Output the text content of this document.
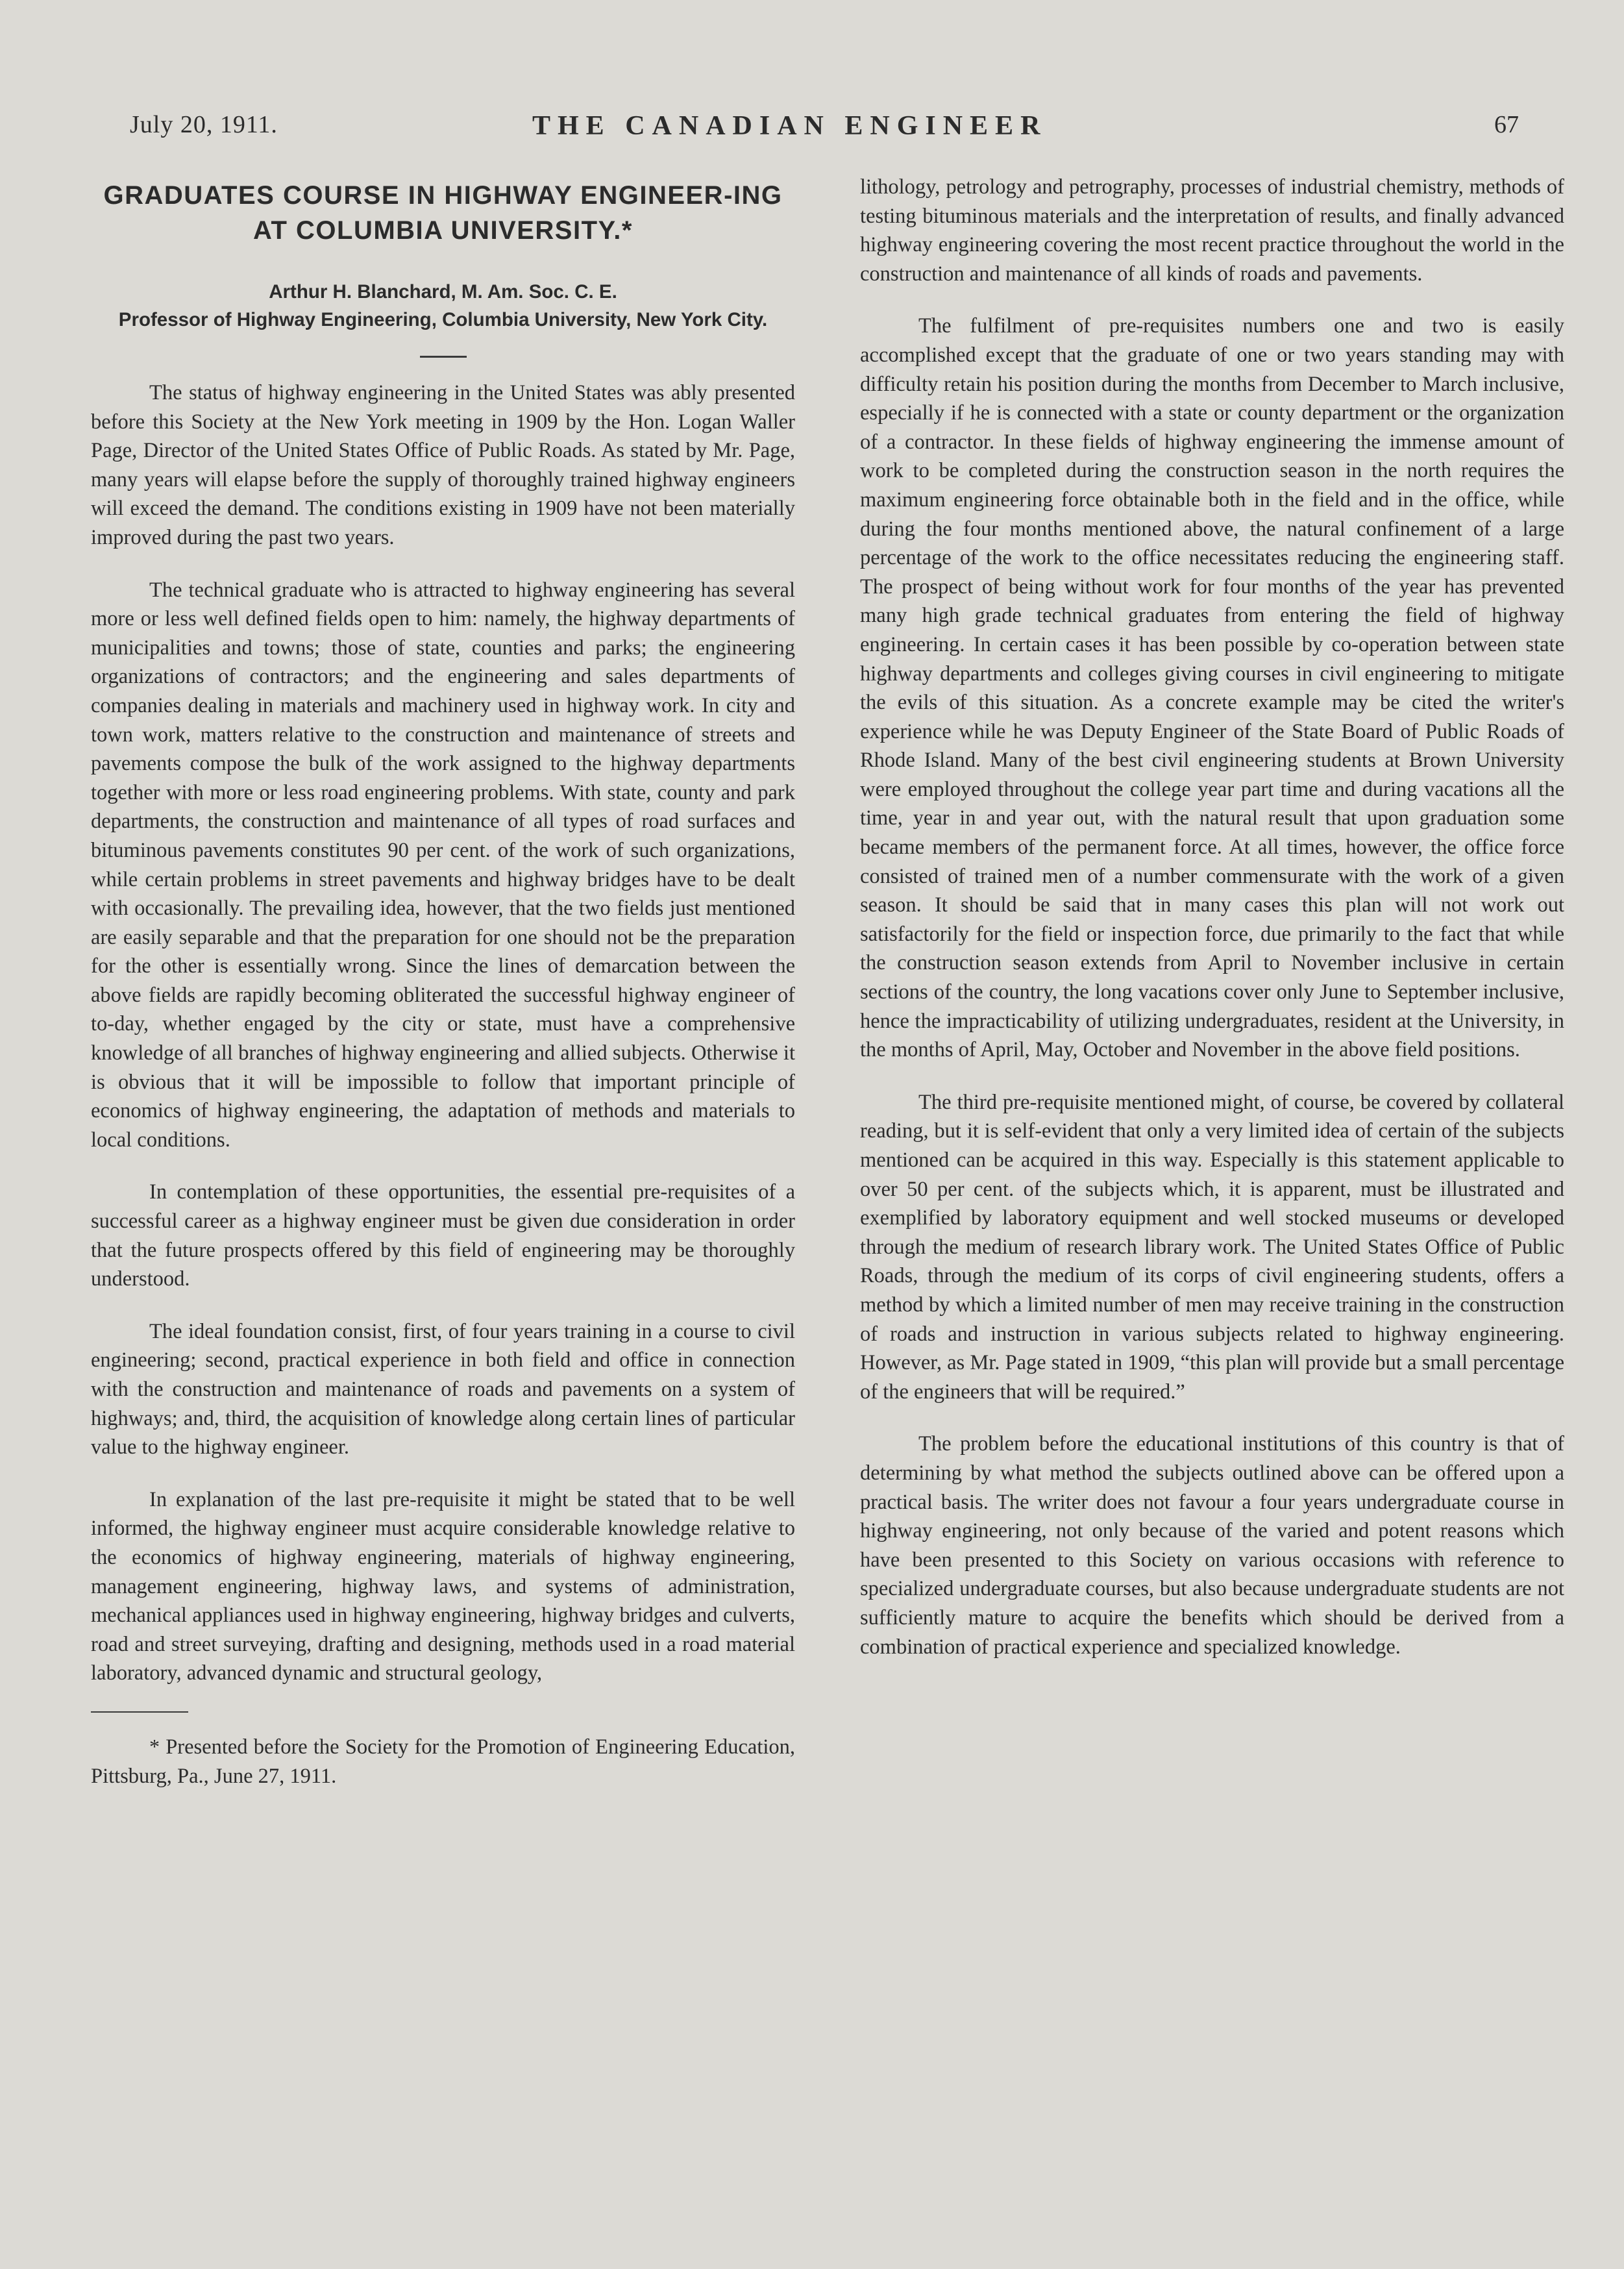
July 20, 1911.	THE CANADIAN ENGINEER	67
GRADUATES COURSE IN HIGHWAY ENGINEER-ING AT COLUMBIA UNIVERSITY.*
Arthur H. Blanchard, M. Am. Soc. C. E.
Professor of Highway Engineering, Columbia University, New York City.

The status of highway engineering in the United States was ably presented before this Society at the New York meeting in 1909 by the Hon. Logan Waller Page, Director of the United States Office of Public Roads. As stated by Mr. Page, many years will elapse before the supply of thoroughly trained highway engineers will exceed the demand. The conditions existing in 1909 have not been materially improved during the past two years.

The technical graduate who is attracted to highway engineering has several more or less well defined fields open to him: namely, the highway departments of municipalities and towns; those of state, counties and parks; the engineering organizations of contractors; and the engineering and sales departments of companies dealing in materials and machinery used in highway work. In city and town work, matters relative to the construction and maintenance of streets and pavements compose the bulk of the work assigned to the highway departments together with more or less road engineering problems. With state, county and park departments, the construction and maintenance of all types of road surfaces and bituminous pavements constitutes 90 per cent. of the work of such organizations, while certain problems in street pavements and highway bridges have to be dealt with occasionally. The prevailing idea, however, that the two fields just mentioned are easily separable and that the preparation for one should not be the preparation for the other is essentially wrong. Since the lines of demarcation between the above fields are rapidly becoming obliterated the successful highway engineer of to-day, whether engaged by the city or state, must have a comprehensive knowledge of all branches of highway engineering and allied subjects. Otherwise it is obvious that it will be impossible to follow that important principle of economics of highway engineering, the adaptation of methods and materials to local conditions.

In contemplation of these opportunities, the essential pre-requisites of a successful career as a highway engineer must be given due consideration in order that the future prospects offered by this field of engineering may be thoroughly understood.

The ideal foundation consist, first, of four years training in a course to civil engineering; second, practical experience in both field and office in connection with the construction and maintenance of roads and pavements on a system of highways; and, third, the acquisition of knowledge along certain lines of particular value to the highway engineer.

In explanation of the last pre-requisite it might be stated that to be well informed, the highway engineer must acquire considerable knowledge relative to the economics of highway engineering, materials of highway engineering, management engineering, highway laws, and systems of administration, mechanical appliances used in highway engineering, highway bridges and culverts, road and street surveying, drafting and designing, methods used in a road material laboratory, advanced dynamic and structural geology,

* Presented before the Society for the Promotion of Engineering Education, Pittsburg, Pa., June 27, 1911.

lithology, petrology and petrography, processes of industrial chemistry, methods of testing bituminous materials and the interpretation of results, and finally advanced highway engineering covering the most recent practice throughout the world in the construction and maintenance of all kinds of roads and pavements.

The fulfilment of pre-requisites numbers one and two is easily accomplished except that the graduate of one or two years standing may with difficulty retain his position during the months from December to March inclusive, especially if he is connected with a state or county department or the organization of a contractor. In these fields of highway engineering the immense amount of work to be completed during the construction season in the north requires the maximum engineering force obtainable both in the field and in the office, while during the four months mentioned above, the natural confinement of a large percentage of the work to the office necessitates reducing the engineering staff. The prospect of being without work for four months of the year has prevented many high grade technical graduates from entering the field of highway engineering. In certain cases it has been possible by co-operation between state highway departments and colleges giving courses in civil engineering to mitigate the evils of this situation. As a concrete example may be cited the writer's experience while he was Deputy Engineer of the State Board of Public Roads of Rhode Island. Many of the best civil engineering students at Brown University were employed throughout the college year part time and during vacations all the time, year in and year out, with the natural result that upon graduation some became members of the permanent force. At all times, however, the office force consisted of trained men of a number commensurate with the work of a given season. It should be said that in many cases this plan will not work out satisfactorily for the field or inspection force, due primarily to the fact that while the construction season extends from April to November inclusive in certain sections of the country, the long vacations cover only June to September inclusive, hence the impracticability of utilizing undergraduates, resident at the University, in the months of April, May, October and November in the above field positions.

The third pre-requisite mentioned might, of course, be covered by collateral reading, but it is self-evident that only a very limited idea of certain of the subjects mentioned can be acquired in this way. Especially is this statement applicable to over 50 per cent. of the subjects which, it is apparent, must be illustrated and exemplified by laboratory equipment and well stocked museums or developed through the medium of research library work. The United States Office of Public Roads, through the medium of its corps of civil engineering students, offers a method by which a limited number of men may receive training in the construction of roads and instruction in various subjects related to highway engineering. However, as Mr. Page stated in 1909, “this plan will provide but a small percentage of the engineers that will be required.”

The problem before the educational institutions of this country is that of determining by what method the subjects outlined above can be offered upon a practical basis. The writer does not favour a four years undergraduate course in highway engineering, not only because of the varied and potent reasons which have been presented to this Society on various occasions with reference to specialized undergraduate courses, but also because undergraduate students are not sufficiently mature to acquire the benefits which should be derived from a combination of practical experience and specialized knowledge.
